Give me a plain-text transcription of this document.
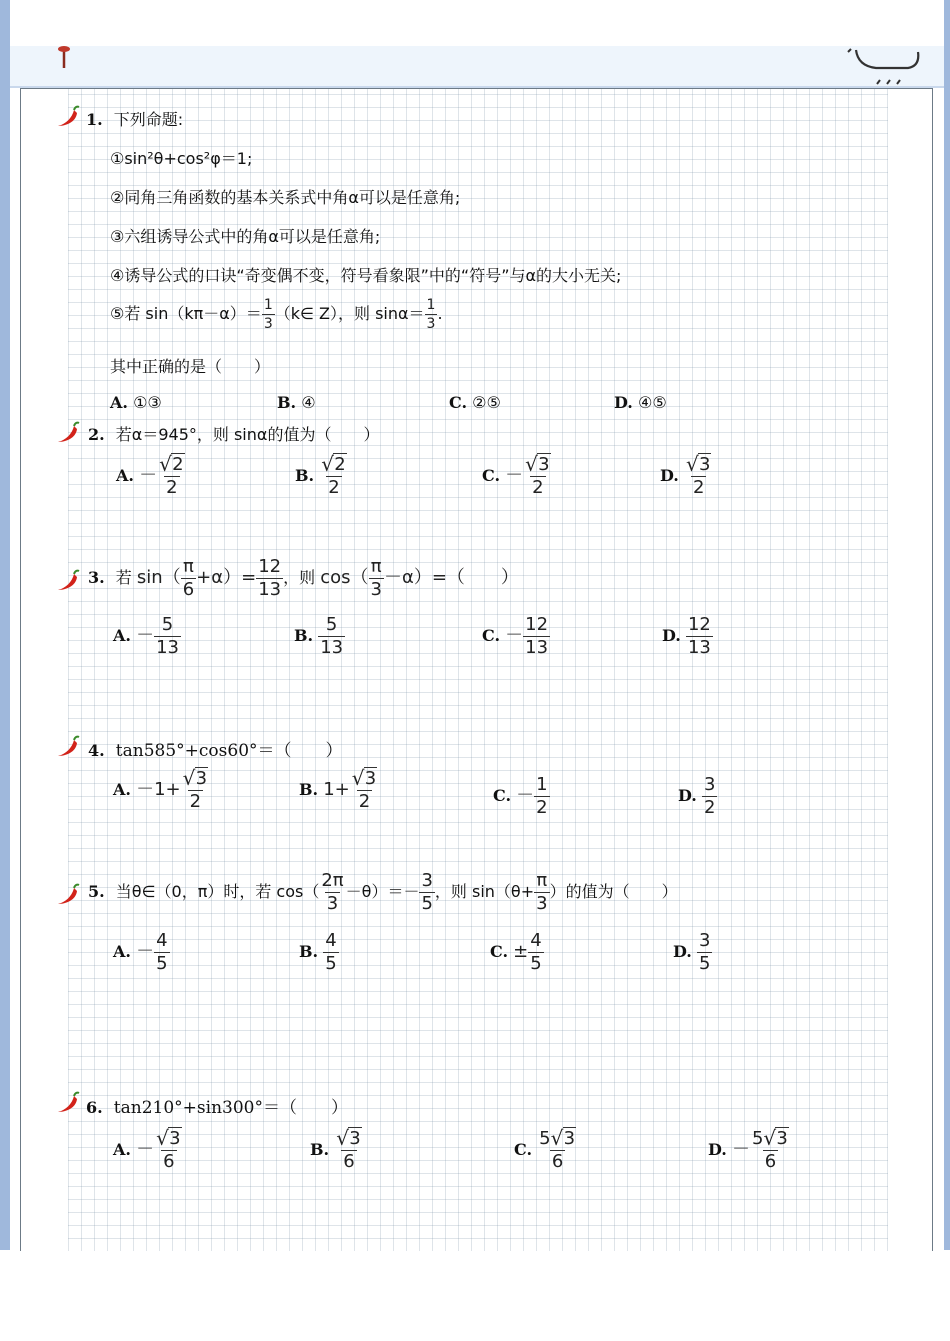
1. 下列命题:
①sin²θ+cos²φ＝1;
②同角三角函数的基本关系式中角α可以是任意角;
③六组诱导公式中的角α可以是任意角;
④诱导公式的口诀“奇变偶不变，符号看象限”中的“符号”与α的大小无关;
⑤若 $\sin(k\pi-\alpha)= \frac{1}{3}$ （k∈ Z），则 $\sin\alpha= \frac{1}{3}$ .
其中正确的是（　　）
A. ①③	B. ④	C. ②⑤	D. ④⑤
2. 若α＝945°，则 sinα的值为（　　）
A. － $\frac{√ 2}{2}$	B. $\frac{√ 2}{2}$	C. － $\frac{√ 3}{2}$	D. $\frac{√ 3}{2}$
3. 若 $\sin( \frac{\pi}{6} +\alpha)= \frac{12}{13}$ ，则 $\cos( \frac{\pi}{3} -\alpha)=$（　　）
A. － $\frac{5}{13}$	B. $\frac{5}{13}$	C. － $\frac{12}{13}$	D. $\frac{12}{13}$
4. tan585°+cos60°＝（　　）
A. $-1+ \frac{√ 3}{2}$	B. $1+ \frac{√ 3}{2}$	C. － $\frac{1}{2}$	D. $\frac{3}{2}$
5. 当θ∈（0，π）时，若 $\cos( \frac{2\pi}{3} -\theta)=- \frac{3}{5}$ ，则 $\sin(\theta+ \frac{\pi}{3}$ ）的值为（　　）
A. － $\frac{4}{5}$	B. $\frac{4}{5}$	C. ± $\frac{4}{5}$	D. $\frac{3}{5}$
6. tan210°+sin300°＝（　　）
A. － $\frac{√ 3}{6}$	B. $\frac{√ 3}{6}$	C. $\frac{5 √ 3}{6}$	D. － $\frac{5 √ 3}{6}$
